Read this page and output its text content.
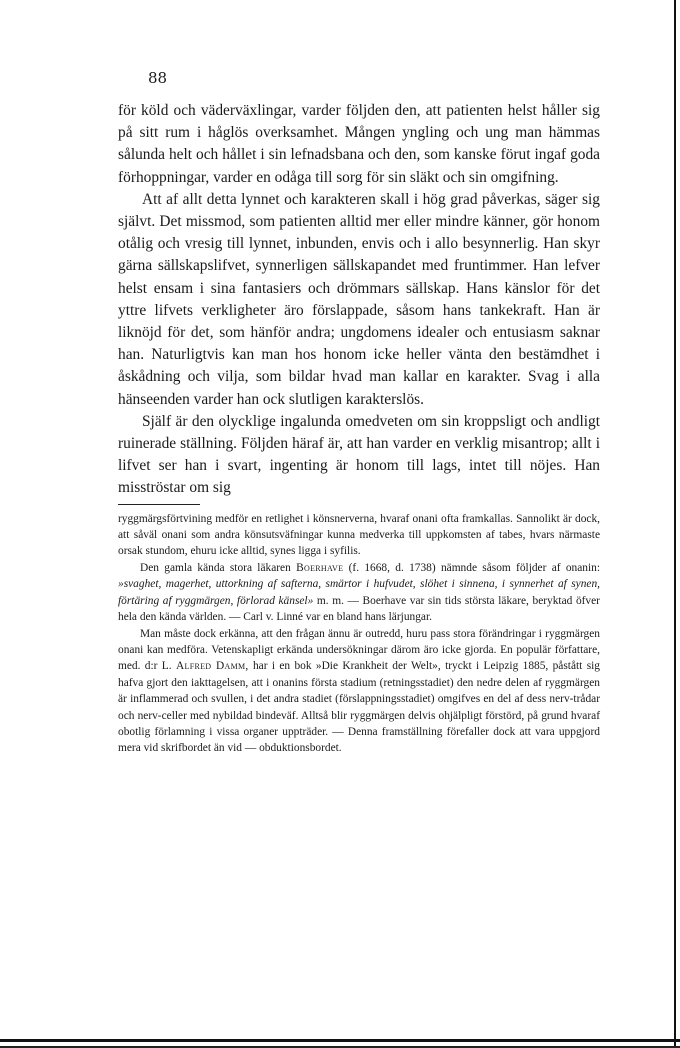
88

för köld och väderväxlingar, varder följden den, att patienten helst håller sig på sitt rum i håglös overksamhet. Mången yngling och ung man hämmas sålunda helt och hållet i sin lefnadsbana och den, som kanske förut ingaf goda förhoppningar, varder en odåga till sorg för sin släkt och sin omgifning.

Att af allt detta lynnet och karakteren skall i hög grad påverkas, säger sig självt. Det missmod, som patienten alltid mer eller mindre känner, gör honom otålig och vresig till lynnet, inbunden, envis och i allo besynnerlig. Han skyr gärna sällskapslifvet, synnerligen sällskapandet med fruntimmer. Han lefver helst ensam i sina fantasiers och drömmars sällskap. Hans känslor för det yttre lifvets verkligheter äro förslappade, såsom hans tankekraft. Han är liknöjd för det, som hänför andra; ungdomens idealer och entusiasm saknar han. Naturligtvis kan man hos honom icke heller vänta den bestämdhet i åskådning och vilja, som bildar hvad man kallar en karakter. Svag i alla hänseenden varder han ock slutligen karakterslös.

Själf är den olycklige ingalunda omedveten om sin kroppsligt och andligt ruinerade ställning. Följden häraf är, att han varder en verklig misantrop; allt i lifvet ser han i svart, ingenting är honom till lags, intet till nöjes. Han misströstar om sig

ryggmärgsförtvining medför en retlighet i könsnerverna, hvaraf onani ofta framkallas. Sannolikt är dock, att såväl onani som andra könsutsväfningar kunna medverka till uppkomsten af tabes, hvars närmaste orsak stundom, ehuru icke alltid, synes ligga i syfilis.

Den gamla kända stora läkaren Boerhave (f. 1668, d. 1738) nämnde såsom följder af onanin: »svaghet, magerhet, uttorkning af safterna, smärtor i hufvudet, slöhet i sinnena, i synnerhet af synen, förtäring af ryggmärgen, förlorad känsel» m. m. — Boerhave var sin tids största läkare, beryktad öfver hela den kända världen. — Carl v. Linné var en bland hans lärjungar.

Man måste dock erkänna, att den frågan ännu är outredd, huru pass stora förändringar i ryggmärgen onani kan medföra. Vetenskapligt erkända undersökningar därom äro icke gjorda. En populär författare, med. d:r L. Alfred Damm, har i en bok »Die Krankheit der Welt», tryckt i Leipzig 1885, påstått sig hafva gjort den iakttagelsen, att i onanins första stadium (retningsstadiet) den nedre delen af ryggmärgen är inflammerad och svullen, i det andra stadiet (förslappningsstadiet) omgifves en del af dess nerv-trådar och nerv-celler med nybildad bindeväf. Alltså blir ryggmärgen delvis ohjälpligt förstörd, på grund hvaraf obotlig förlamning i vissa organer uppträder. — Denna framställning förefaller dock att vara uppgjord mera vid skrifbordet än vid — obduktionsbordet.
